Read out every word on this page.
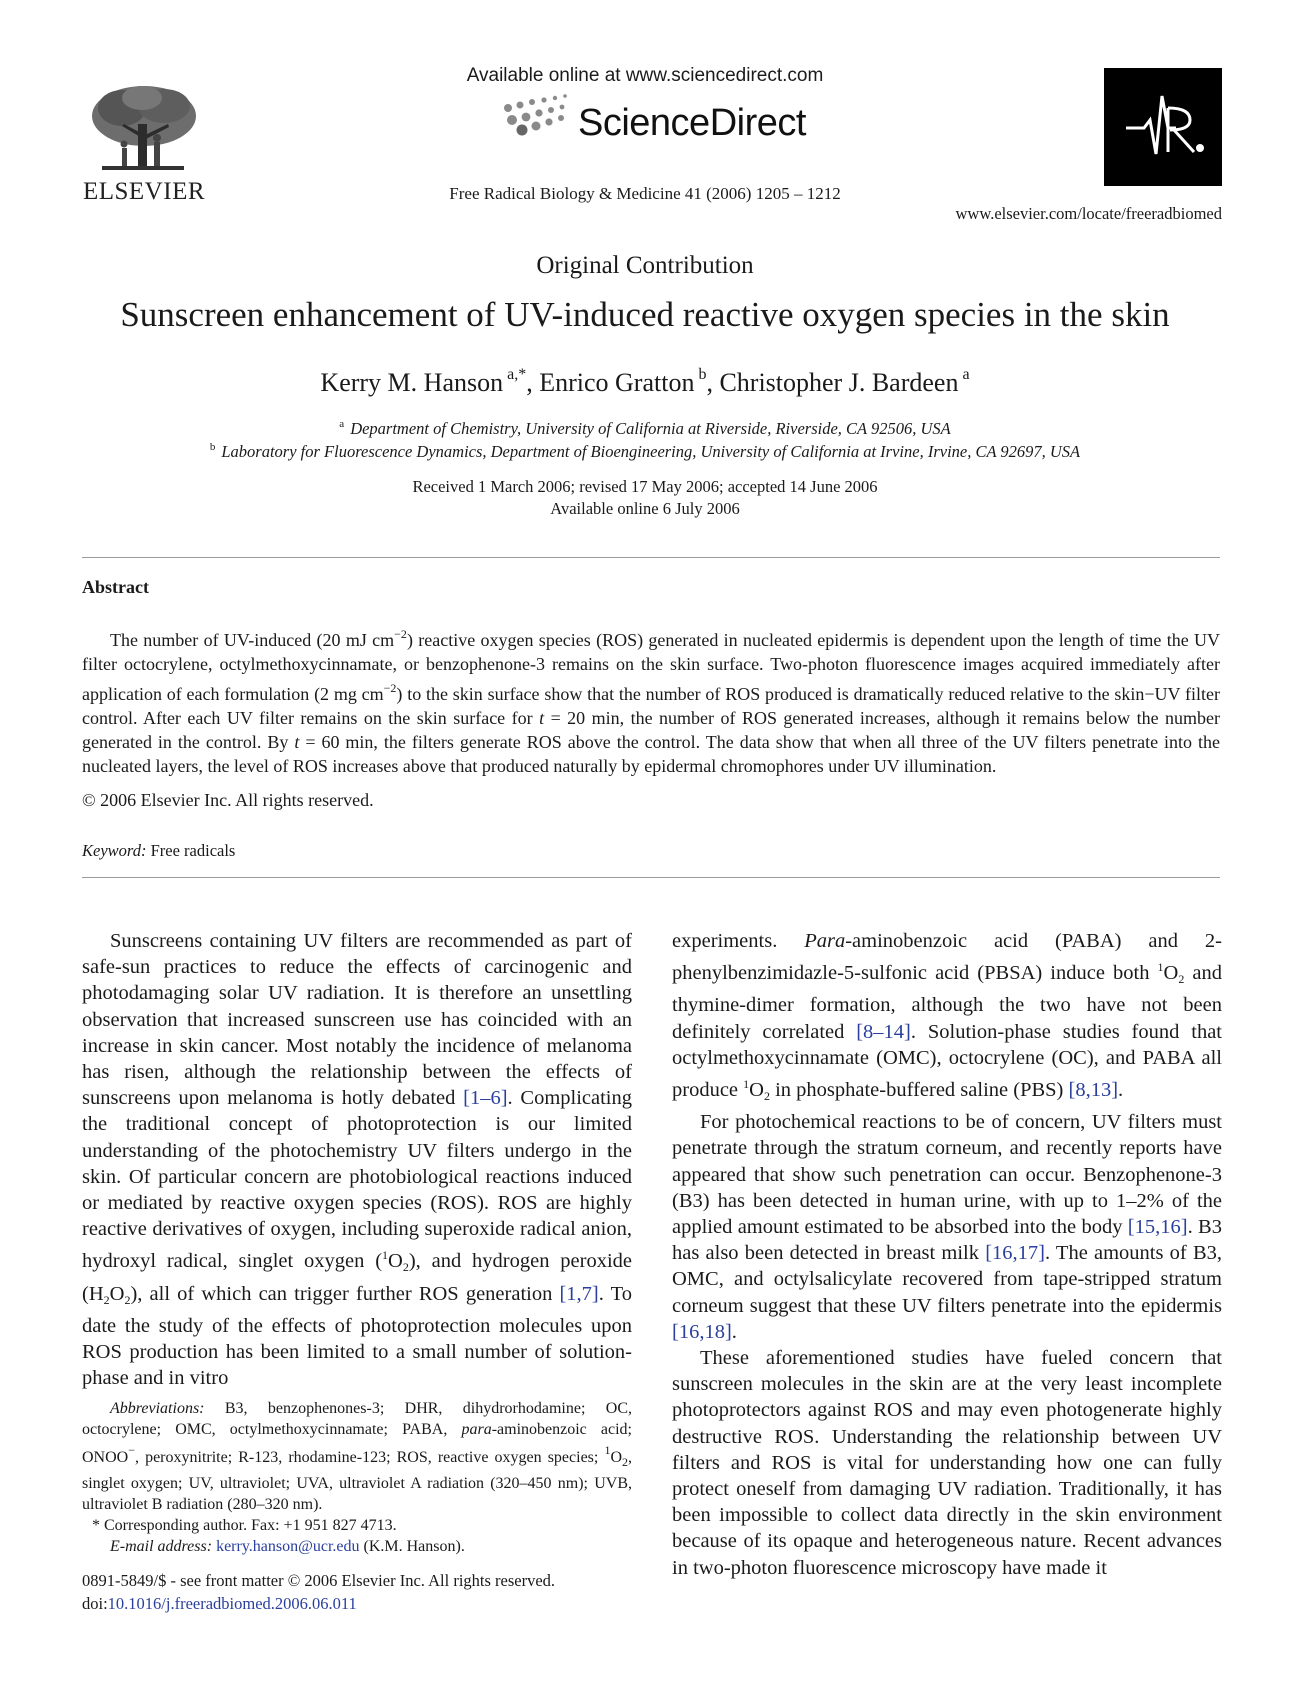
ELSEVIER
Available online at www.sciencedirect.com
ScienceDirect
Free Radical Biology & Medicine 41 (2006) 1205 – 1212
www.elsevier.com/locate/freeradbiomed
Original Contribution
Sunscreen enhancement of UV-induced reactive oxygen species in the skin
Kerry M. Hanson $^{a,*}$, Enrico Gratton $^b$, Christopher J. Bardeen $^a$
$^a$ Department of Chemistry, University of California at Riverside, Riverside, CA 92506, USA
$^b$ Laboratory for Fluorescence Dynamics, Department of Bioengineering, University of California at Irvine, Irvine, CA 92697, USA
Received 1 March 2006; revised 17 May 2006; accepted 14 June 2006
Available online 6 July 2006
Abstract
The number of UV-induced (20 mJ $cm^{-2}$) reactive oxygen species (ROS) generated in nucleated epidermis is dependent upon the length of time the UV filter octocrylene, octylmethoxycinnamate, or benzophenone-3 remains on the skin surface. Two-photon fluorescence images acquired immediately after application of each formulation (2 mg $cm^{-2}$) to the skin surface show that the number of ROS produced is dramatically reduced relative to the skin−UV filter control. After each UV filter remains on the skin surface for t = 20 min, the number of ROS generated increases, although it remains below the number generated in the control. By t = 60 min, the filters generate ROS above the control. The data show that when all three of the UV filters penetrate into the nucleated layers, the level of ROS increases above that produced naturally by epidermal chromophores under UV illumination.
© 2006 Elsevier Inc. All rights reserved.
Keyword: Free radicals

Sunscreens containing UV filters are recommended as part of safe-sun practices to reduce the effects of carcinogenic and photodamaging solar UV radiation. It is therefore an unsettling observation that increased sunscreen use has coincided with an increase in skin cancer. Most notably the incidence of melanoma has risen, although the relationship between the effects of sunscreens upon melanoma is hotly debated [1–6]. Complicating the traditional concept of photoprotection is our limited understanding of the photochemistry UV filters undergo in the skin. Of particular concern are photobiological reactions induced or mediated by reactive oxygen species (ROS). ROS are highly reactive derivatives of oxygen, including superoxide radical anion, hydroxyl radical, singlet oxygen $(^1O_2)$, and hydrogen peroxide $(H_2O_2)$, all of which can trigger further ROS generation [1,7]. To date the study of the effects of photoprotection molecules upon ROS production has been limited to a small number of solution-phase and in vitro

Abbreviations: B3, benzophenones-3; DHR, dihydrorhodamine; OC, octocrylene; OMC, octylmethoxycinnamate; PABA, para-aminobenzoic acid; ONOO−, peroxynitrite; R-123, rhodamine-123; ROS, reactive oxygen species; $^1O_2$, singlet oxygen; UV, ultraviolet; UVA, ultraviolet A radiation (320–450 nm); UVB, ultraviolet B radiation (280–320 nm).

* Corresponding author. Fax: +1 951 827 4713.

E-mail address: kerry.hanson@ucr.edu (K.M. Hanson).

0891-5849/$ - see front matter © 2006 Elsevier Inc. All rights reserved.
doi:10.1016/j.freeradbiomed.2006.06.011

experiments. Para-aminobenzoic acid (PABA) and 2-phenylbenzimidazle-5-sulfonic acid (PBSA) induce both $^1O_2$ and thymine-dimer formation, although the two have not been definitely correlated [8–14]. Solution-phase studies found that octylmethoxycinnamate (OMC), octocrylene (OC), and PABA all produce $^1O_2$ in phosphate-buffered saline (PBS) [8,13].

For photochemical reactions to be of concern, UV filters must penetrate through the stratum corneum, and recently reports have appeared that show such penetration can occur. Benzophenone-3 (B3) has been detected in human urine, with up to 1–2% of the applied amount estimated to be absorbed into the body [15,16]. B3 has also been detected in breast milk [16,17]. The amounts of B3, OMC, and octylsalicylate recovered from tape-stripped stratum corneum suggest that these UV filters penetrate into the epidermis [16,18].

These aforementioned studies have fueled concern that sunscreen molecules in the skin are at the very least incomplete photoprotectors against ROS and may even photogenerate highly destructive ROS. Understanding the relationship between UV filters and ROS is vital for understanding how one can fully protect oneself from damaging UV radiation. Traditionally, it has been impossible to collect data directly in the skin environment because of its opaque and heterogeneous nature. Recent advances in two-photon fluorescence microscopy have made it
